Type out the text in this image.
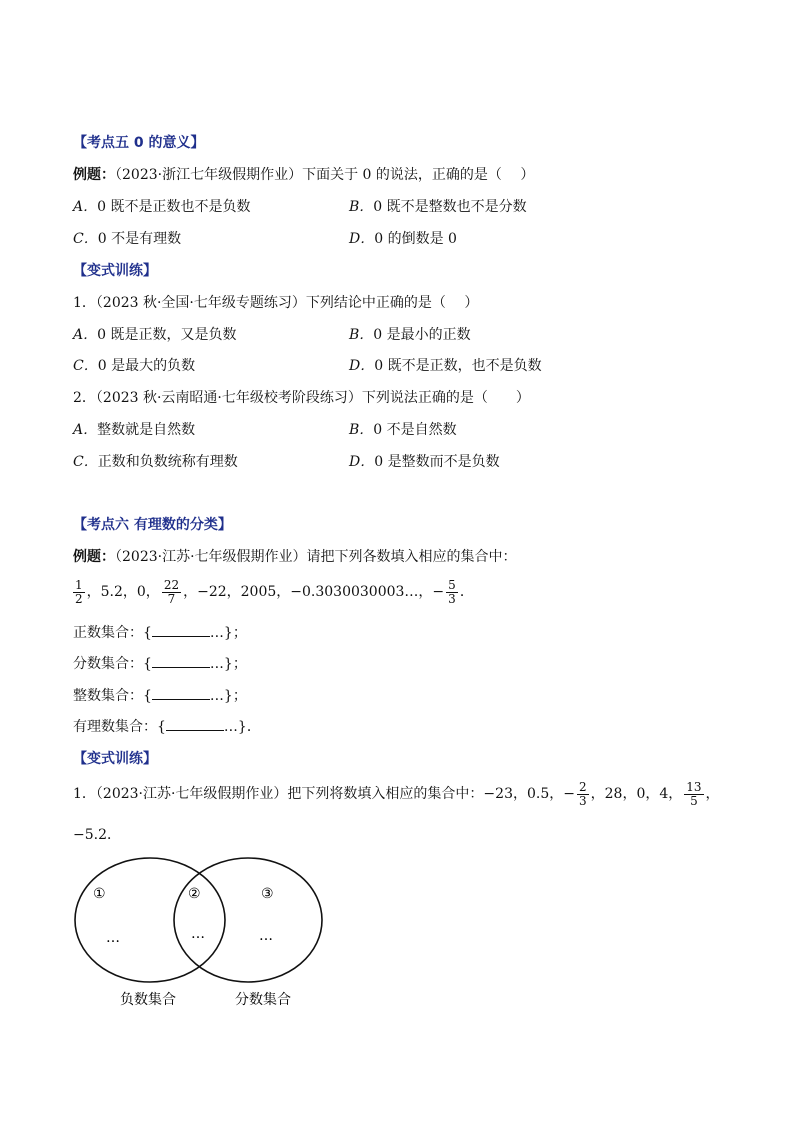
【考点五 0 的意义】
例题：（2023·浙江七年级假期作业）下面关于 0 的说法，正确的是（　 ）
A．0 既不是正数也不是负数	B．0 既不是整数也不是分数
C．0 不是有理数	D．0 的倒数是 0
【变式训练】
1．（2023 秋·全国·七年级专题练习）下列结论中正确的是（　 ）
A．0 既是正数，又是负数	B．0 是最小的正数
C．0 是最大的负数	D．0 既不是正数，也不是负数
2．（2023 秋·云南昭通·七年级校考阶段练习）下列说法正确的是（　　）
A．整数就是自然数	B．0 不是自然数
C．正数和负数统称有理数	D．0 是整数而不是负数
【考点六 有理数的分类】
例题：（2023·江苏·七年级假期作业）请把下列各数填入相应的集合中：
$\frac{1}{2}$ ，5.2，0， $\frac{22}{7}$ ，−22，2005，−0.3030030003…，− $\frac{5}{3}$ ．
正数集合：{	…}；
分数集合：{	…}；
整数集合：{	…}；
有理数集合：{	…}．
【变式训练】
1．（2023·江苏·七年级假期作业）把下列将数填入相应的集合中：−23，0.5，− $\frac{2}{3}$ ，28，0，4， $\frac{13}{5}$ ，
−5.2．
①	②	③
…	…	…
负数集合	分数集合
